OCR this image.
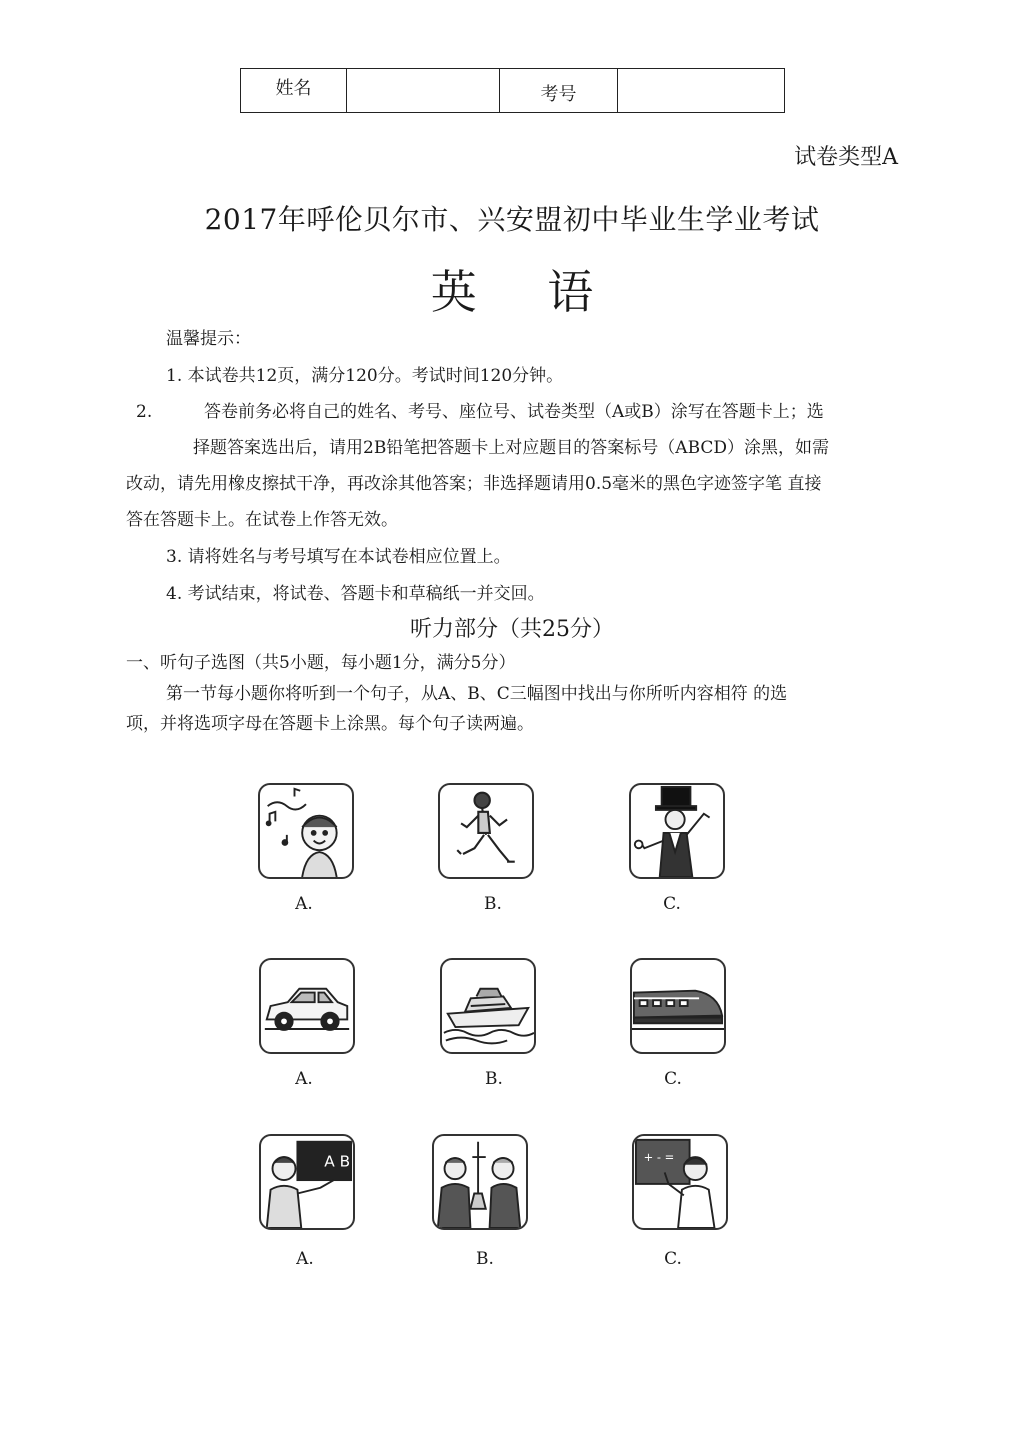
姓名	考号
试卷类型A
2017年呼伦贝尔市、兴安盟初中毕业生学业考试
英 语
温馨提示：
1. 本试卷共12页，满分120分。考试时间120分钟。
2.	答卷前务必将自己的姓名、考号、座位号、试卷类型（A或B）涂写在答题卡上；选
择题答案选出后，请用2B铅笔把答题卡上对应题目的答案标号（ABCD）涂黑，如需
改动，请先用橡皮擦拭干净，再改涂其他答案；非选择题请用0.5毫米的黑色字迹签字笔 直接
答在答题卡上。在试卷上作答无效。
3. 请将姓名与考号填写在本试卷相应位置上。
4. 考试结束，将试卷、答题卡和草稿纸一并交回。
听力部分（共25分）
一、听句子选图（共5小题，每小题1分，满分5分）
第一节每小题你将听到一个句子，从A、B、C三幅图中找出与你所听内容相符 的选
项，并将选项字母在答题卡上涂黑。每个句子读两遍。
A.	B.	C.
A.	B.	C.
A B	+ - =
A.	B.	C.
